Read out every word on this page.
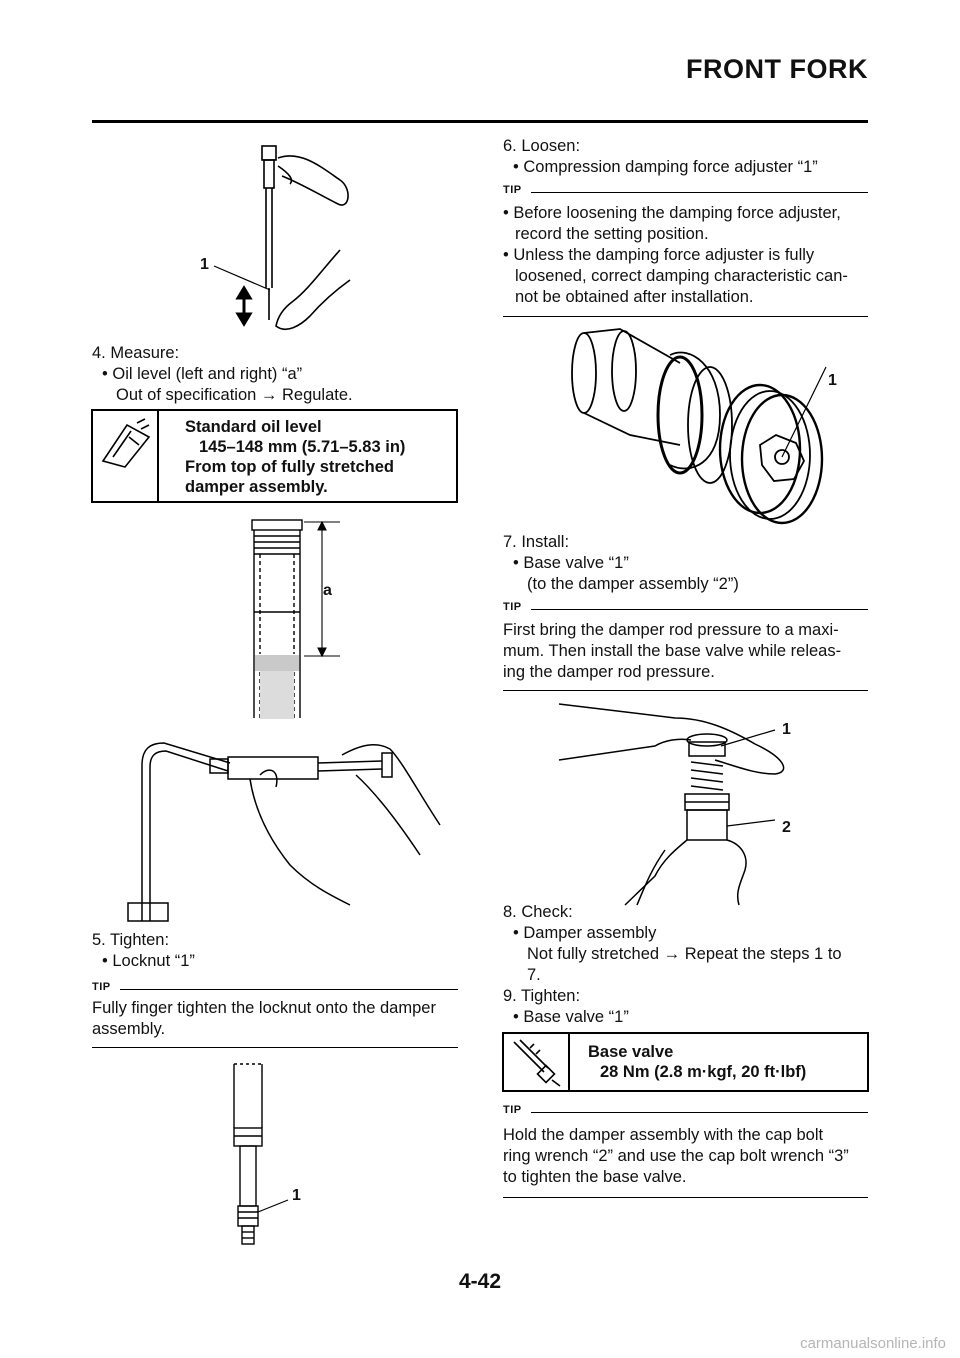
FRONT FORK
1
4. Measure:
• Oil level (left and right) “a”
Out of specification → Regulate.
Standard oil level
145–148 mm (5.71–5.83 in)
From top of fully stretched
damper assembly.
a
5. Tighten:
• Locknut “1”
TIP
Fully finger tighten the locknut onto the damper
assembly.
1
6. Loosen:
• Compression damping force adjuster “1”
TIP
• Before loosening the damping force adjuster,
record the setting position.
• Unless the damping force adjuster is fully
loosened, correct damping characteristic can-
not be obtained after installation.
1
7. Install:
• Base valve “1”
(to the damper assembly “2”)
TIP
First bring the damper rod pressure to a maxi-
mum. Then install the base valve while releas-
ing the damper rod pressure.
1
2
8. Check:
• Damper assembly
Not fully stretched → Repeat the steps 1 to
7.
9. Tighten:
• Base valve “1”
Base valve
28 Nm (2.8 m·kgf, 20 ft·lbf)
TIP
Hold the damper assembly with the cap bolt
ring wrench “2” and use the cap bolt wrench “3”
to tighten the base valve.
4-42
carmanualsonline.info
